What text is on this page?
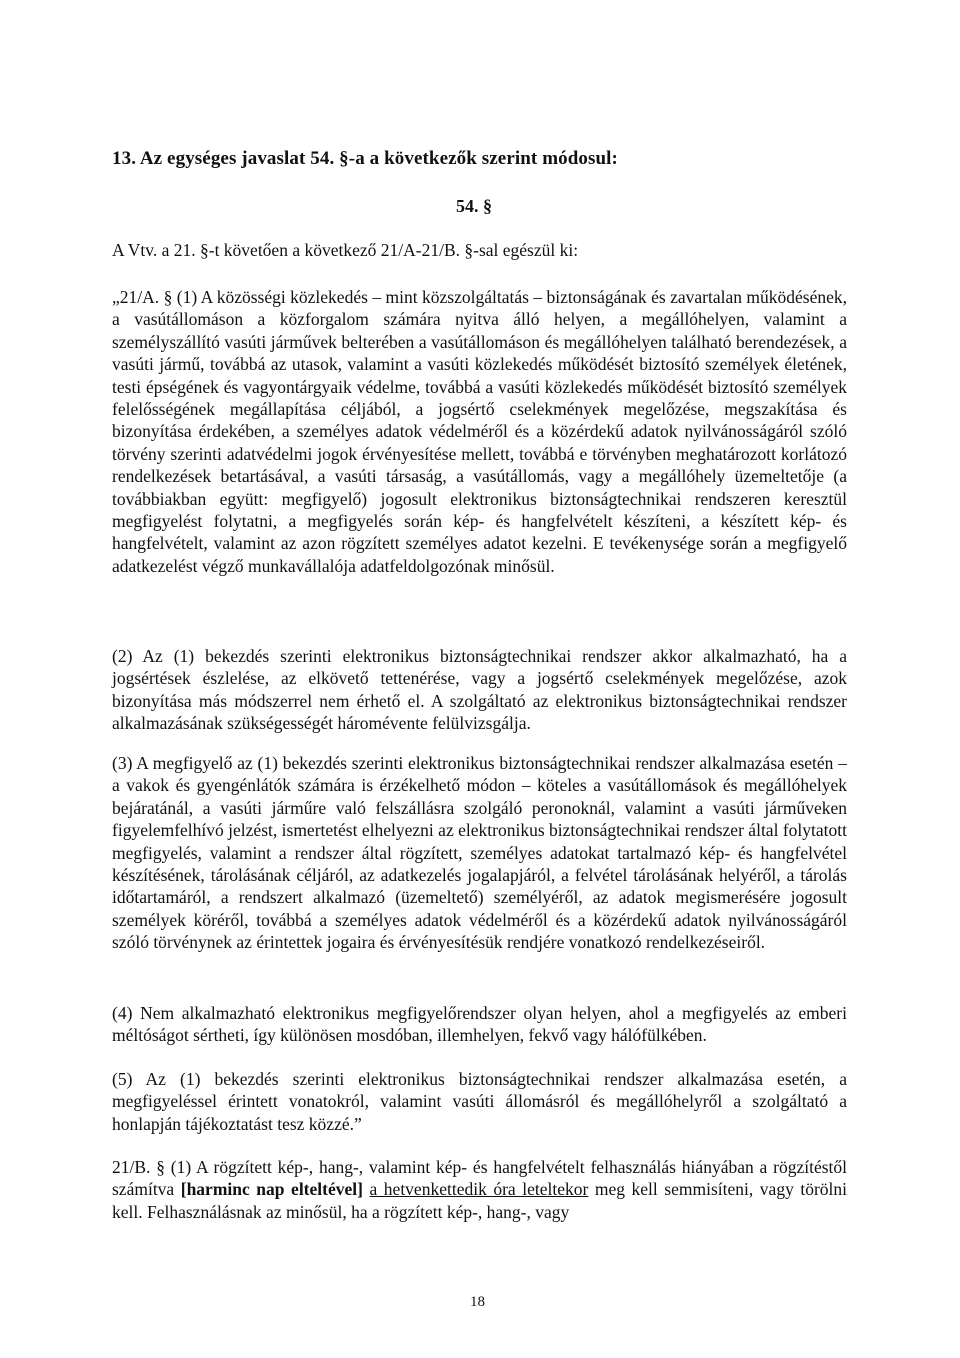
13. Az egységes javaslat 54. §-a a következők szerint módosul:
54. §
A Vtv. a 21. §-t követően a következő 21/A-21/B. §-sal egészül ki:

„21/A. § (1) A közösségi közlekedés – mint közszolgáltatás – biztonságának és zavartalan működésének, a vasútállomáson a közforgalom számára nyitva álló helyen, a megállóhelyen, valamint a személyszállító vasúti járművek belterében a vasútállomáson és megállóhelyen található berendezések, a vasúti jármű, továbbá az utasok, valamint a vasúti közlekedés működését biztosító személyek életének, testi épségének és vagyontárgyaik védelme, továbbá a vasúti közlekedés működését biztosító személyek felelősségének megállapítása céljából, a jogsértő cselekmények megelőzése, megszakítása és bizonyítása érdekében, a személyes adatok védelméről és a közérdekű adatok nyilvánosságáról szóló törvény szerinti adatvédelmi jogok érvényesítése mellett, továbbá e törvényben meghatározott korlátozó rendelkezések betartásával, a vasúti társaság, a vasútállomás, vagy a megállóhely üzemeltetője (a továbbiakban együtt: megfigyelő) jogosult elektronikus biztonságtechnikai rendszeren keresztül megfigyelést folytatni, a megfigyelés során kép- és hangfelvételt készíteni, a készített kép- és hangfelvételt, valamint az azon rögzített személyes adatot kezelni. E tevékenysége során a megfigyelő adatkezelést végző munkavállalója adatfeldolgozónak minősül.

(2) Az (1) bekezdés szerinti elektronikus biztonságtechnikai rendszer akkor alkalmazható, ha a jogsértések észlelése, az elkövető tettenérése, vagy a jogsértő cselekmények megelőzése, azok bizonyítása más módszerrel nem érhető el. A szolgáltató az elektronikus biztonságtechnikai rendszer alkalmazásának szükségességét háromévente felülvizsgálja.

(3) A megfigyelő az (1) bekezdés szerinti elektronikus biztonságtechnikai rendszer alkalmazása esetén – a vakok és gyengénlátók számára is érzékelhető módon – köteles a vasútállomások és megállóhelyek bejáratánál, a vasúti járműre való felszállásra szolgáló peronoknál, valamint a vasúti járműveken figyelemfelhívó jelzést, ismertetést elhelyezni az elektronikus biztonságtechnikai rendszer által folytatott megfigyelés, valamint a rendszer által rögzített, személyes adatokat tartalmazó kép- és hangfelvétel készítésének, tárolásának céljáról, az adatkezelés jogalapjáról, a felvétel tárolásának helyéről, a tárolás időtartamáról, a rendszert alkalmazó (üzemeltető) személyéről, az adatok megismerésére jogosult személyek köréről, továbbá a személyes adatok védelméről és a közérdekű adatok nyilvánosságáról szóló törvénynek az érintettek jogaira és érvényesítésük rendjére vonatkozó rendelkezéseiről.

(4) Nem alkalmazható elektronikus megfigyelőrendszer olyan helyen, ahol a megfigyelés az emberi méltóságot sértheti, így különösen mosdóban, illemhelyen, fekvő vagy hálófülkében.

(5) Az (1) bekezdés szerinti elektronikus biztonságtechnikai rendszer alkalmazása esetén, a megfigyeléssel érintett vonatokról, valamint vasúti állomásról és megállóhelyről a szolgáltató a honlapján tájékoztatást tesz közzé.”

21/B. § (1) A rögzített kép-, hang-, valamint kép- és hangfelvételt felhasználás hiányában a rögzítéstől számítva [harminc nap elteltével] a hetvenkettedik óra leteltekor meg kell semmisíteni, vagy törölni kell. Felhasználásnak az minősül, ha a rögzített kép-, hang-, vagy

18
